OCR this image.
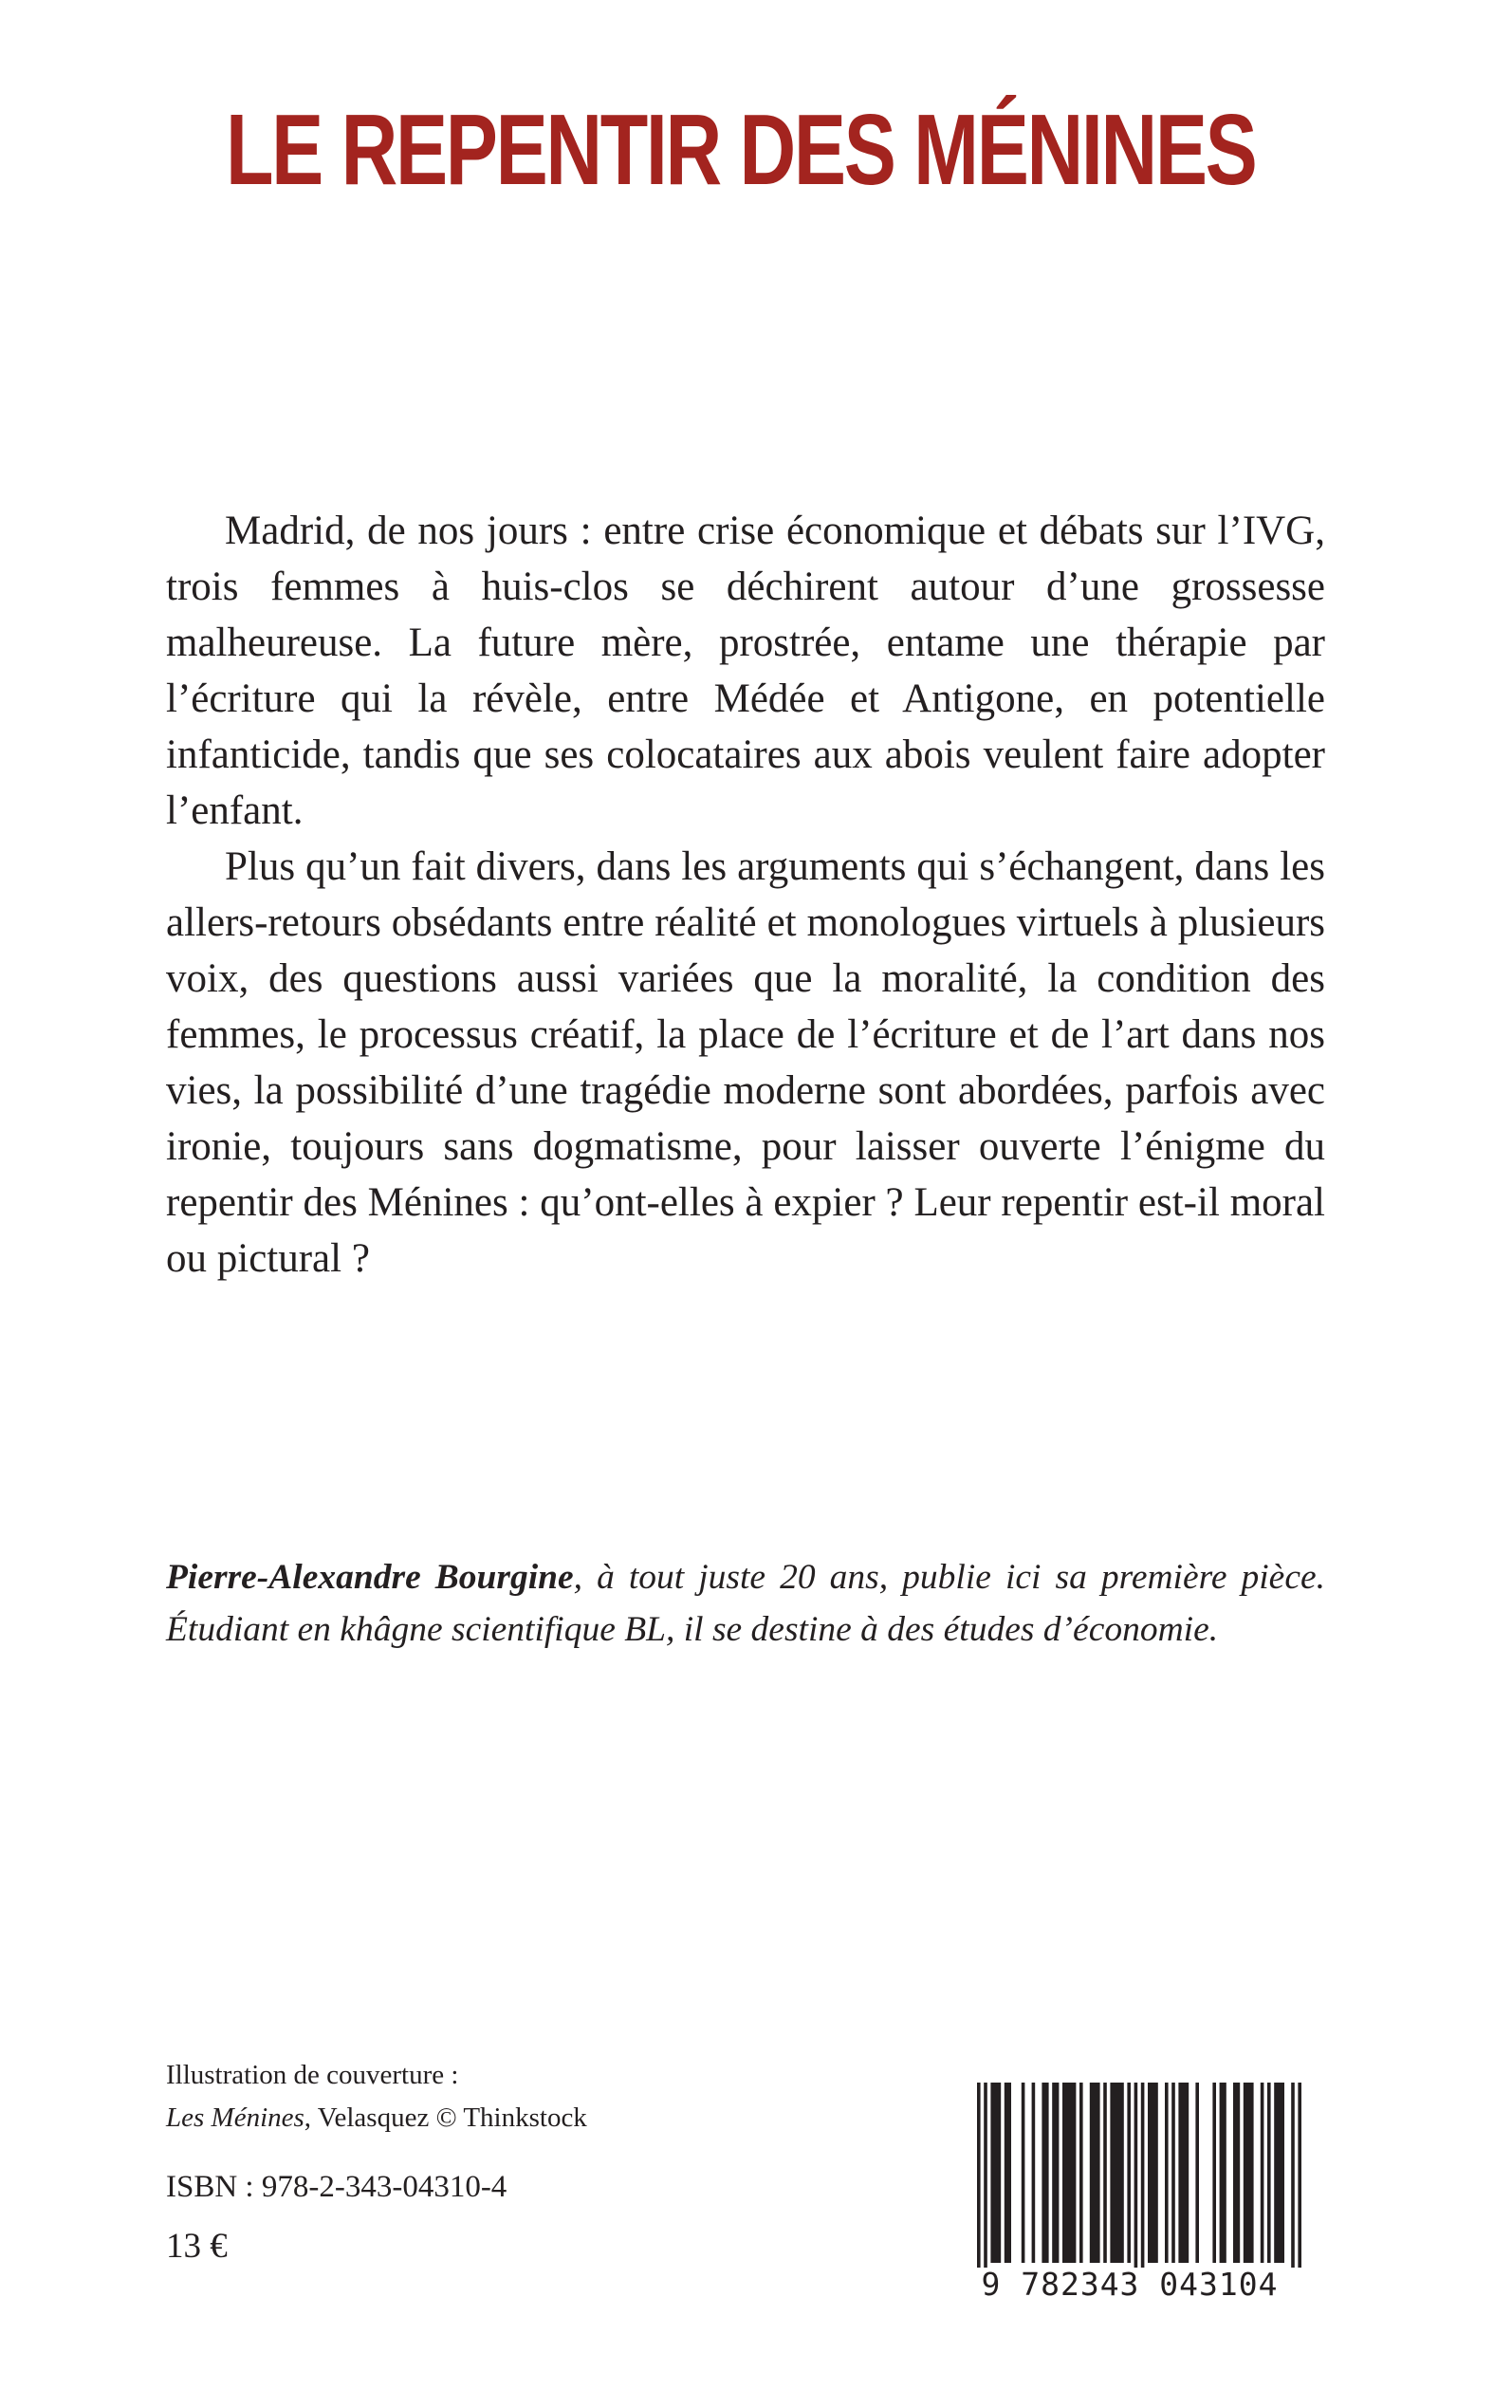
LE REPENTIR DES MÉNINES

Madrid, de nos jours : entre crise économique et débats sur l’IVG, trois femmes à huis-clos se déchirent autour d’une grossesse malheureuse. La future mère, prostrée, entame une thérapie par l’écriture qui la révèle, entre Médée et Antigone, en potentielle infanticide, tandis que ses colocataires aux abois veulent faire adopter l’enfant.

Plus qu’un fait divers, dans les arguments qui s’échangent, dans les allers-retours obsédants entre réalité et monologues virtuels à plusieurs voix, des questions aussi variées que la moralité, la condition des femmes, le processus créatif, la place de l’écriture et de l’art dans nos vies, la possibilité d’une tragédie moderne sont abordées, parfois avec ironie, toujours sans dogmatisme, pour laisser ouverte l’énigme du repentir des Ménines : qu’ont-elles à expier ? Leur repentir est-il moral ou pictural ?

Pierre-Alexandre Bourgine, à tout juste 20 ans, publie ici sa première pièce. Étudiant en khâgne scientifique BL, il se destine à des études d’économie.

Illustration de couverture :
Les Ménines, Velasquez © Thinkstock

ISBN : 978-2-343-04310-4

13 €

9 782343 043104
